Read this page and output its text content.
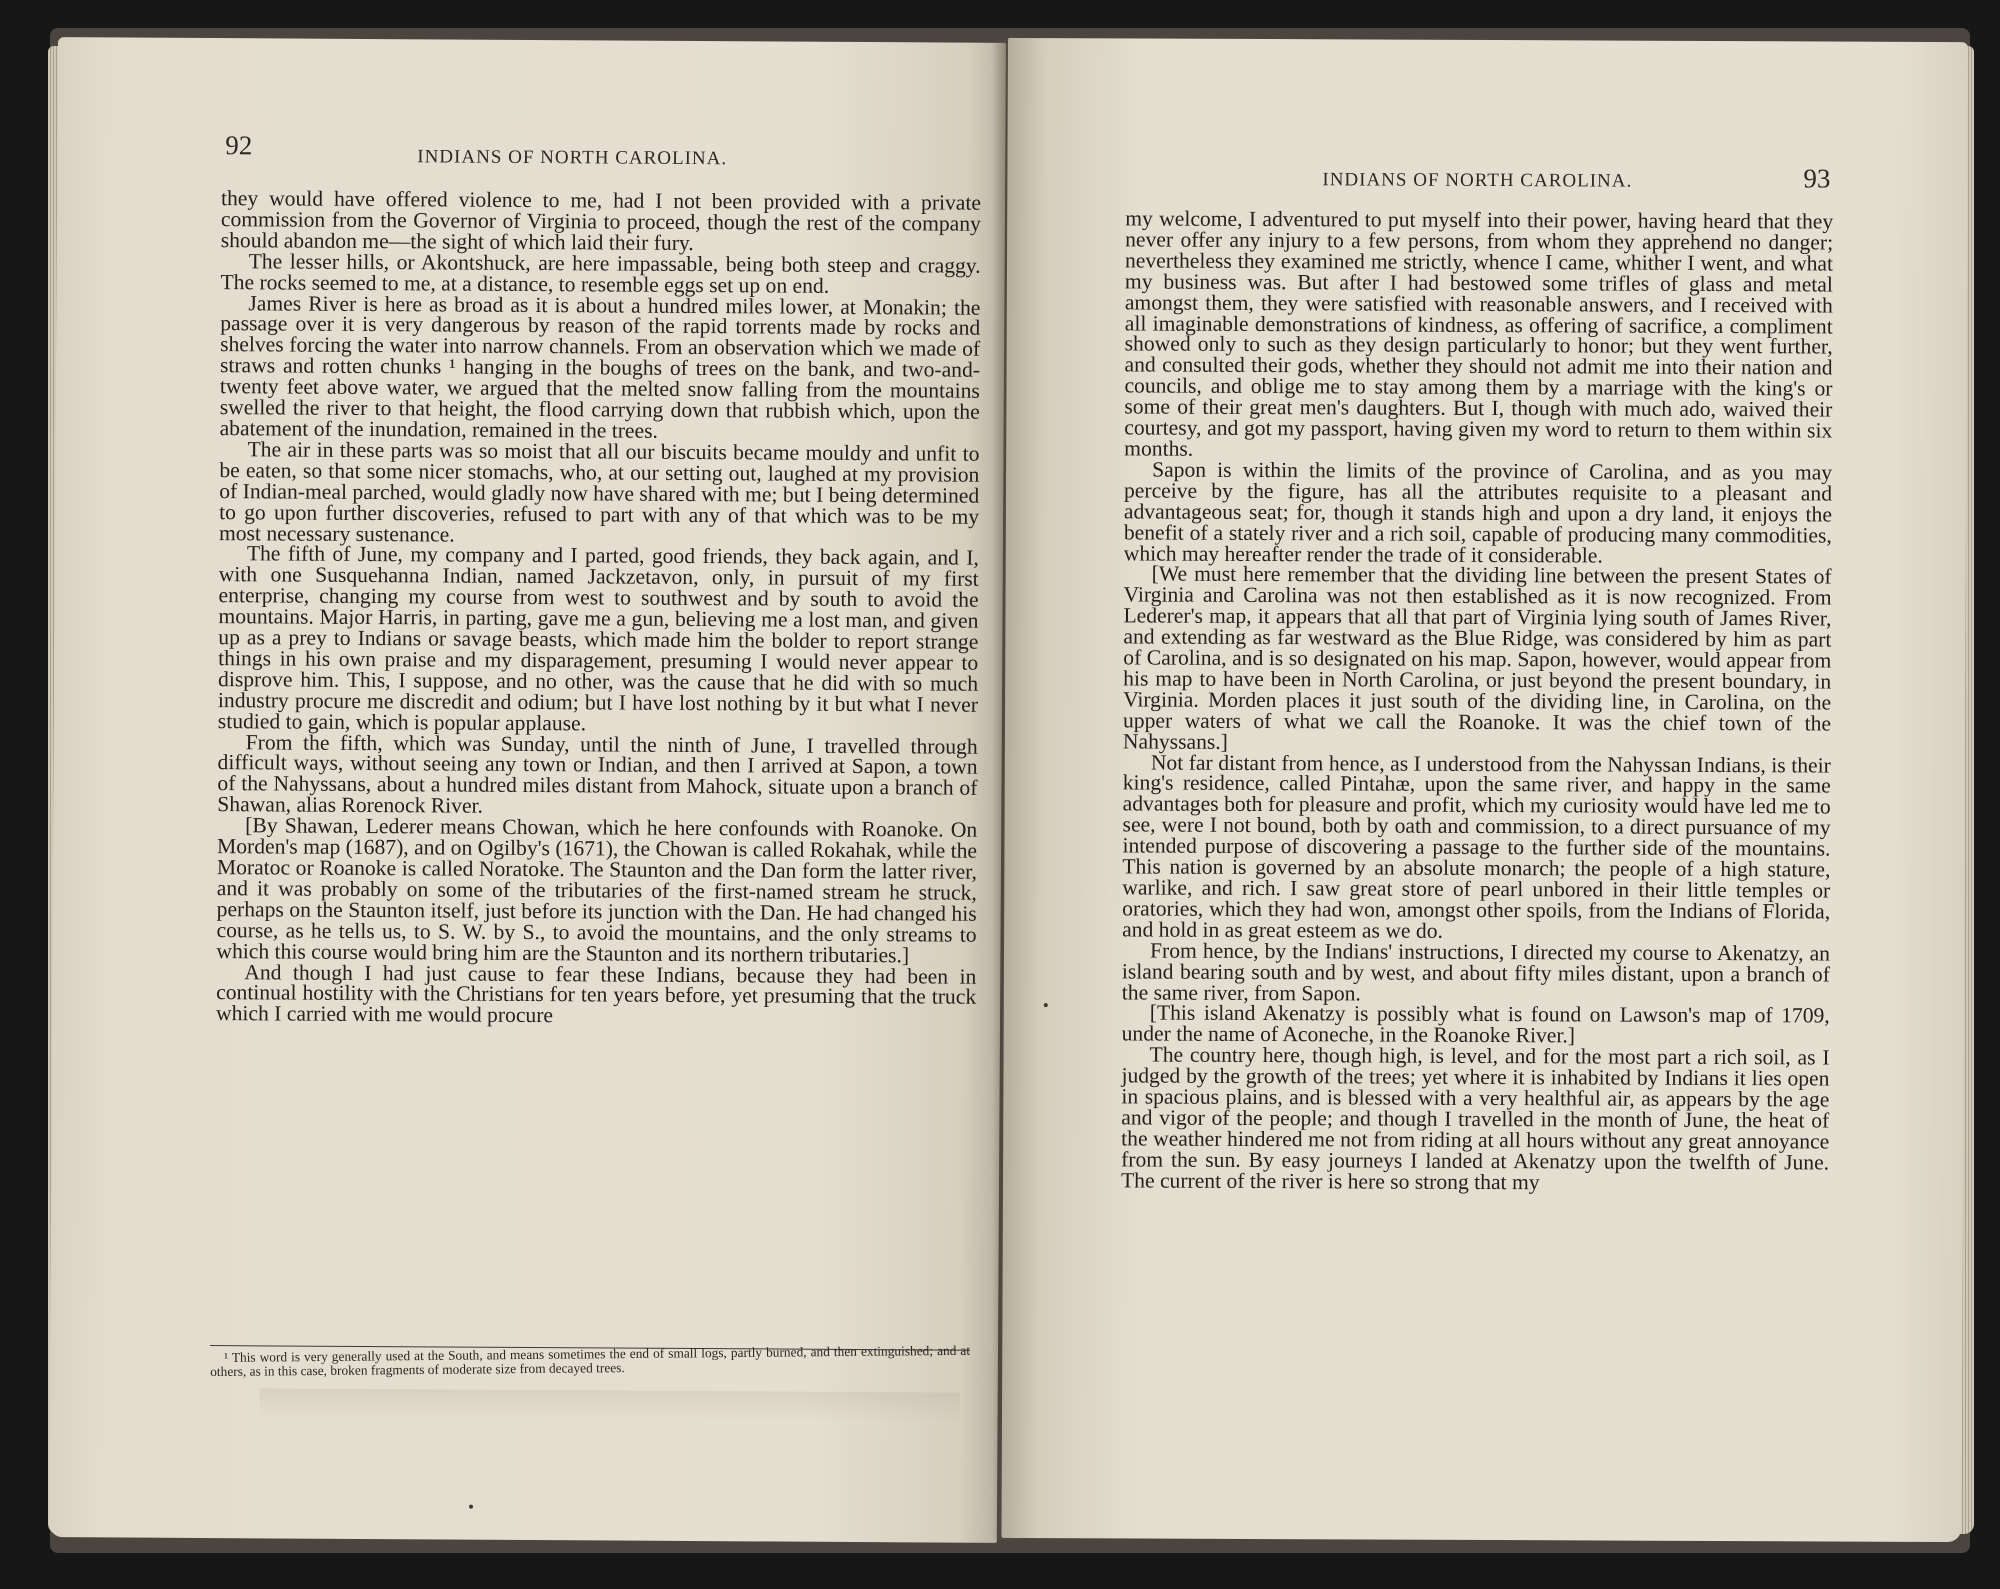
92	INDIANS OF NORTH CAROLINA.

they would have offered violence to me, had I not been provided with a private commission from the Governor of Virginia to proceed, though the rest of the company should abandon me—the sight of which laid their fury.

The lesser hills, or Akontshuck, are here impassable, being both steep and craggy. The rocks seemed to me, at a distance, to resemble eggs set up on end.

James River is here as broad as it is about a hundred miles lower, at Monakin; the passage over it is very dangerous by reason of the rapid torrents made by rocks and shelves forcing the water into narrow channels. From an observation which we made of straws and rotten chunks ¹ hanging in the boughs of trees on the bank, and two-and-twenty feet above water, we argued that the melted snow falling from the mountains swelled the river to that height, the flood carrying down that rubbish which, upon the abatement of the inundation, remained in the trees.

The air in these parts was so moist that all our biscuits became mouldy and unfit to be eaten, so that some nicer stomachs, who, at our setting out, laughed at my provision of Indian-meal parched, would gladly now have shared with me; but I being determined to go upon further discoveries, refused to part with any of that which was to be my most necessary sustenance.

The fifth of June, my company and I parted, good friends, they back again, and I, with one Susquehanna Indian, named Jackzetavon, only, in pursuit of my first enterprise, changing my course from west to southwest and by south to avoid the mountains. Major Harris, in parting, gave me a gun, believing me a lost man, and given up as a prey to Indians or savage beasts, which made him the bolder to report strange things in his own praise and my disparagement, presuming I would never appear to disprove him. This, I suppose, and no other, was the cause that he did with so much industry procure me discredit and odium; but I have lost nothing by it but what I never studied to gain, which is popular applause.

From the fifth, which was Sunday, until the ninth of June, I travelled through difficult ways, without seeing any town or Indian, and then I arrived at Sapon, a town of the Nahyssans, about a hundred miles distant from Mahock, situate upon a branch of Shawan, alias Rorenock River.

[By Shawan, Lederer means Chowan, which he here confounds with Roanoke. On Morden's map (1687), and on Ogilby's (1671), the Chowan is called Rokahak, while the Moratoc or Roanoke is called Noratoke. The Staunton and the Dan form the latter river, and it was probably on some of the tributaries of the first-named stream he struck, perhaps on the Staunton itself, just before its junction with the Dan. He had changed his course, as he tells us, to S. W. by S., to avoid the mountains, and the only streams to which this course would bring him are the Staunton and its northern tributaries.]

And though I had just cause to fear these Indians, because they had been in continual hostility with the Christians for ten years before, yet presuming that the truck which I carried with me would procure

¹ This word is very generally used at the South, and means sometimes the end of small logs, partly burned, and then extinguished; and at others, as in this case, broken fragments of moderate size from decayed trees.

INDIANS OF NORTH CAROLINA.	93

my welcome, I adventured to put myself into their power, having heard that they never offer any injury to a few persons, from whom they apprehend no danger; nevertheless they examined me strictly, whence I came, whither I went, and what my business was. But after I had bestowed some trifles of glass and metal amongst them, they were satisfied with reasonable answers, and I received with all imaginable demonstrations of kindness, as offering of sacrifice, a compliment showed only to such as they design particularly to honor; but they went further, and consulted their gods, whether they should not admit me into their nation and councils, and oblige me to stay among them by a marriage with the king's or some of their great men's daughters. But I, though with much ado, waived their courtesy, and got my passport, having given my word to return to them within six months.

Sapon is within the limits of the province of Carolina, and as you may perceive by the figure, has all the attributes requisite to a pleasant and advantageous seat; for, though it stands high and upon a dry land, it enjoys the benefit of a stately river and a rich soil, capable of producing many commodities, which may hereafter render the trade of it considerable.

[We must here remember that the dividing line between the present States of Virginia and Carolina was not then established as it is now recognized. From Lederer's map, it appears that all that part of Virginia lying south of James River, and extending as far westward as the Blue Ridge, was considered by him as part of Carolina, and is so designated on his map. Sapon, however, would appear from his map to have been in North Carolina, or just beyond the present boundary, in Virginia. Morden places it just south of the dividing line, in Carolina, on the upper waters of what we call the Roanoke. It was the chief town of the Nahyssans.]

Not far distant from hence, as I understood from the Nahyssan Indians, is their king's residence, called Pintahæ, upon the same river, and happy in the same advantages both for pleasure and profit, which my curiosity would have led me to see, were I not bound, both by oath and commission, to a direct pursuance of my intended purpose of discovering a passage to the further side of the mountains. This nation is governed by an absolute monarch; the people of a high stature, warlike, and rich. I saw great store of pearl unbored in their little temples or oratories, which they had won, amongst other spoils, from the Indians of Florida, and hold in as great esteem as we do.

From hence, by the Indians' instructions, I directed my course to Akenatzy, an island bearing south and by west, and about fifty miles distant, upon a branch of the same river, from Sapon.

[This island Akenatzy is possibly what is found on Lawson's map of 1709, under the name of Aconeche, in the Roanoke River.]

The country here, though high, is level, and for the most part a rich soil, as I judged by the growth of the trees; yet where it is inhabited by Indians it lies open in spacious plains, and is blessed with a very healthful air, as appears by the age and vigor of the people; and though I travelled in the month of June, the heat of the weather hindered me not from riding at all hours without any great annoyance from the sun. By easy journeys I landed at Akenatzy upon the twelfth of June. The current of the river is here so strong that my
